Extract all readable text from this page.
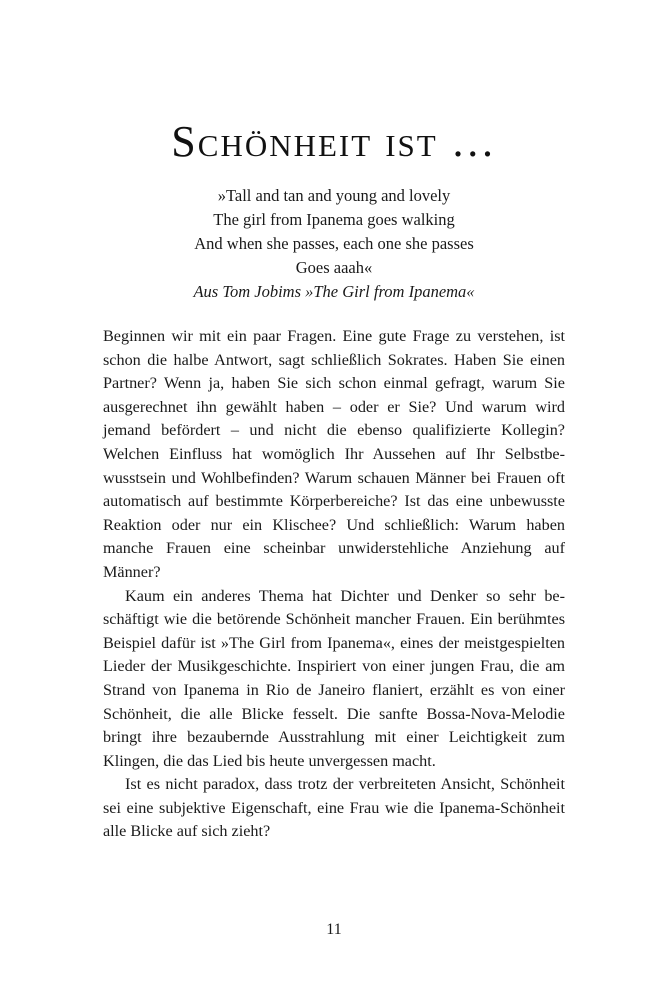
Schönheit ist …
»Tall and tan and young and lovely
The girl from Ipanema goes walking
And when she passes, each one she passes
Goes aaah«
Aus Tom Jobims »The Girl from Ipanema«

Beginnen wir mit ein paar Fragen. Eine gute Frage zu verstehen, ist schon die halbe Antwort, sagt schließlich Sokrates. Haben Sie einen Partner? Wenn ja, haben Sie sich schon einmal gefragt, warum Sie ausgerechnet ihn gewählt haben – oder er Sie? Und warum wird jemand befördert – und nicht die ebenso qualifizierte Kollegin? Welchen Einfluss hat womöglich Ihr Aussehen auf Ihr Selbstbewusstsein und Wohlbefinden? Warum schauen Männer bei Frauen oft automatisch auf bestimmte Körperbereiche? Ist das eine unbewusste Reaktion oder nur ein Klischee? Und schließlich: Warum haben manche Frauen eine scheinbar unwiderstehliche Anziehung auf Männer?

Kaum ein anderes Thema hat Dichter und Denker so sehr beschäftigt wie die betörende Schönheit mancher Frauen. Ein berühmtes Beispiel dafür ist »The Girl from Ipanema«, eines der meistgespielten Lieder der Musikgeschichte. Inspiriert von einer jungen Frau, die am Strand von Ipanema in Rio de Janeiro flaniert, erzählt es von einer Schönheit, die alle Blicke fesselt. Die sanfte Bossa-Nova-Melodie bringt ihre bezaubernde Ausstrahlung mit einer Leichtigkeit zum Klingen, die das Lied bis heute unvergessen macht.

Ist es nicht paradox, dass trotz der verbreiteten Ansicht, Schönheit sei eine subjektive Eigenschaft, eine Frau wie die Ipanema-Schönheit alle Blicke auf sich zieht?

11
